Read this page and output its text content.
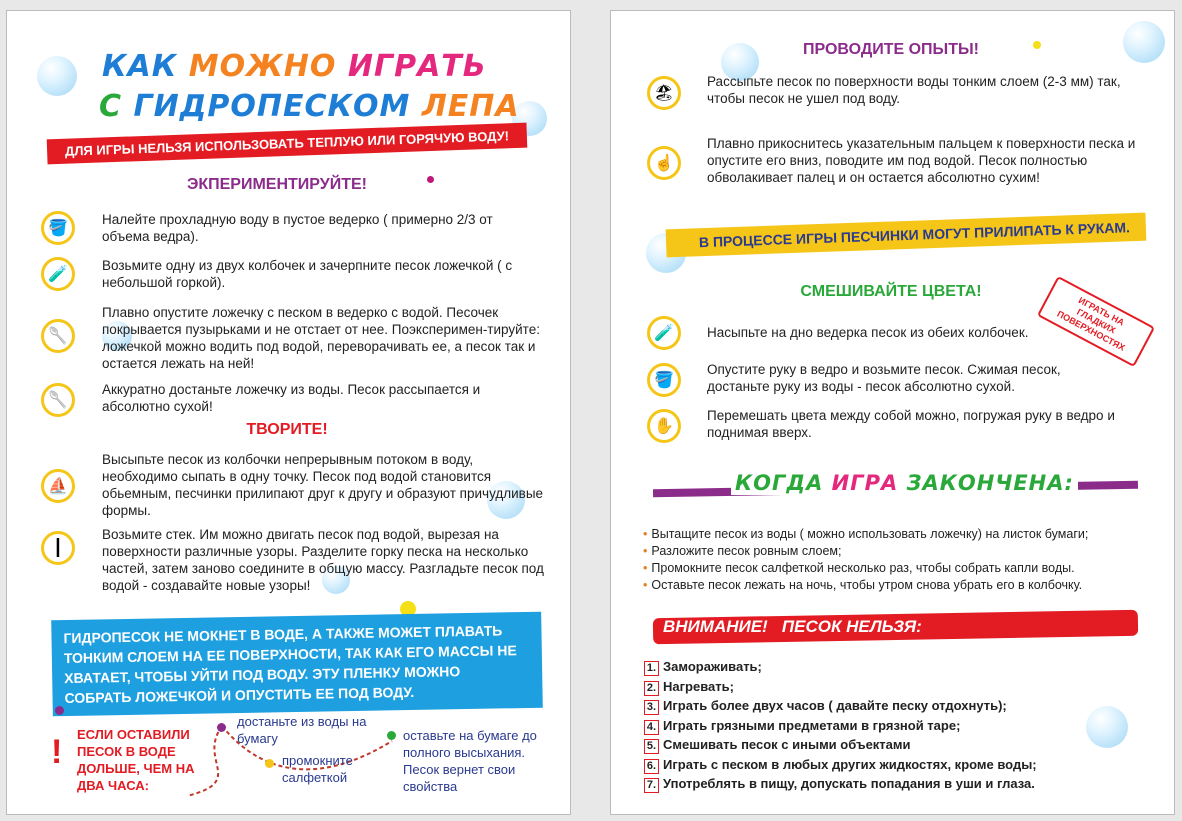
КАК МОЖНО ИГРАТЬ
С ГИДРОПЕСКОМ ЛЕПА
ДЛЯ ИГРЫ НЕЛЬЗЯ ИСПОЛЬЗОВАТЬ ТЕПЛУЮ ИЛИ ГОРЯЧУЮ ВОДУ!
ЭКПЕРИМЕНТИРУЙТЕ!
🪣
Налейте прохладную воду в пустое ведерко ( примерно 2/3 от объема ведра).
🧪
Возьмите одну из двух колбочек и зачерпните песок ложечкой ( с небольшой горкой).
🥄
Плавно опустите ложечку с песком в ведерко с водой. Песочек покрывается пузырьками и не отстает от нее. Поэксперимен-тируйте: ложечкой можно водить под водой, переворачивать ее, а песок так и остается лежать на ней!
🥄
Аккуратно достаньте ложечку из воды. Песок рассыпается и абсолютно сухой!
ТВОРИТЕ!
⛵
Высыпьте песок из колбочки непрерывным потоком в воду, необходимо сыпать в одну точку. Песок под водой становится обьемным, песчинки прилипают друг к другу и образуют причудливые формы.
┃
Возьмите стек. Им можно двигать песок под водой, вырезая на поверхности различные узоры. Разделите горку песка на несколько частей, затем заново соедините в общую массу. Разгладьте песок под водой - создавайте новые узоры!
ГИДРОПЕСОК НЕ МОКНЕТ В ВОДЕ, А ТАКЖЕ МОЖЕТ ПЛАВАТЬ ТОНКИМ СЛОЕМ НА ЕЕ ПОВЕРХНОСТИ, ТАК КАК ЕГО МАССЫ НЕ ХВАТАЕТ, ЧТОБЫ УЙТИ ПОД ВОДУ. ЭТУ ПЛЕНКУ МОЖНО СОБРАТЬ ЛОЖЕЧКОЙ И ОПУСТИТЬ ЕЕ ПОД ВОДУ.
! ЕСЛИ ОСТАВИЛИ ПЕСОК В ВОДЕ ДОЛЬШЕ, ЧЕМ НА ДВА ЧАСА:
достаньте из воды на бумагу
промокните салфеткой
оставьте на бумаге до полного высыхания. Песок вернет свои свойства
ПРОВОДИТЕ ОПЫТЫ!
🏖
Рассыпьте песок по поверхности воды тонким слоем (2-3 мм) так, чтобы песок не ушел под воду.
☝
Плавно прикоснитесь указательным пальцем к поверхности песка и опустите его вниз, поводите им под водой. Песок полностью обволакивает палец и он остается абсолютно сухим!
В ПРОЦЕССЕ ИГРЫ ПЕСЧИНКИ МОГУТ ПРИЛИПАТЬ К РУКАМ.
СМЕШИВАЙТЕ ЦВЕТА!
ИГРАТЬ НА ГЛАДКИХ ПОВЕРХНОСТЯХ
🧪	Насыпьте на дно ведерка песок из обеих колбочек.
🪣
Опустите руку в ведро и возьмите песок. Сжимая песок, достаньте руку из воды - песок абсолютно сухой.
✋
Перемешать цвета между собой можно, погружая руку в ведро и поднимая вверх.
КОГДА ИГРА ЗАКОНЧЕНА:
• Вытащите песок из воды ( можно использовать ложечку) на листок бумаги;
• Разложите песок ровным слоем;
• Промокните песок салфеткой несколько раз, чтобы собрать капли воды.
• Оставьте песок лежать на ночь, чтобы утром снова убрать его в колбочку.
ВНИМАНИЕ!   ПЕСОК НЕЛЬЗЯ:
1. Замораживать;
2. Нагревать;
3. Играть более двух часов ( давайте песку отдохнуть);
4. Играть грязными предметами в грязной таре;
5. Смешивать песок с иными объектами
6. Играть с песком в любых других жидкостях, кроме воды;
7. Употреблять в пищу, допускать попадания в уши и глаза.
